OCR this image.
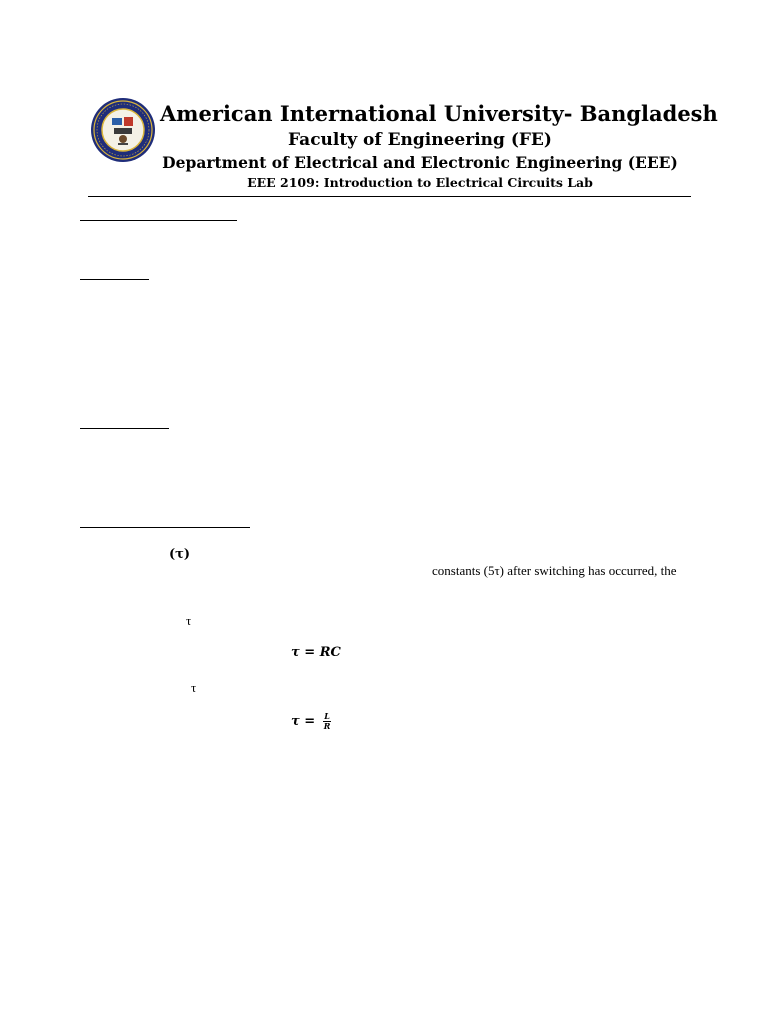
American International University- Bangladesh
Faculty of Engineering (FE)
Department of Electrical and Electronic Engineering (EEE)
EEE 2109: Introduction to Electrical Circuits Lab
(τ)
constants (5τ) after switching has occurred, the
τ
τ = RC
τ
$\tau = \frac{L}{R}$
